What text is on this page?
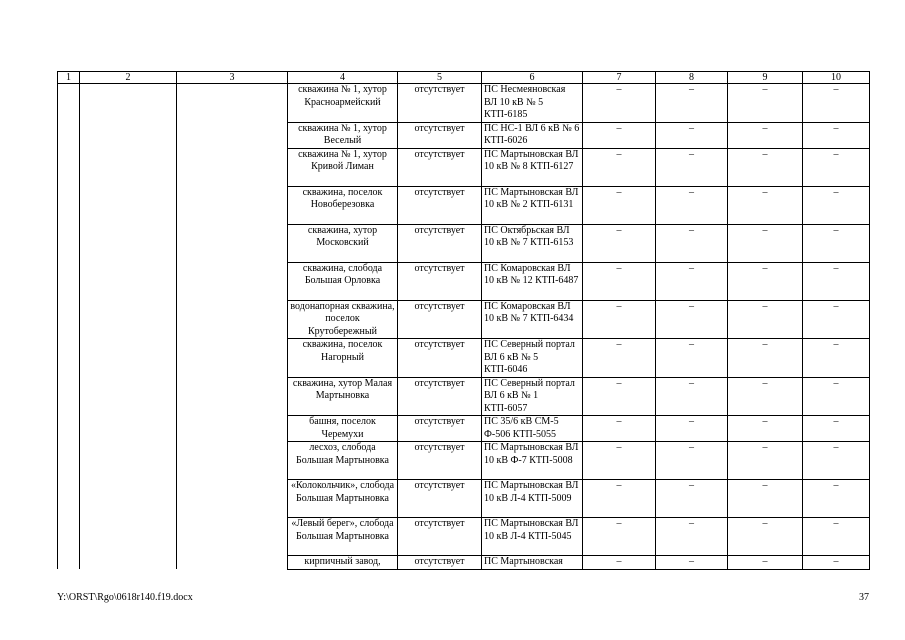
1	2	3	4	5	6	7	8	9	10
			скважина № 1, хутор Красноармейский	отсутствует	ПС Несмеяновская ВЛ 10 кВ № 5 КТП-6185	–	–	–	–
			скважина № 1, хутор Веселый	отсутствует	ПС НС-1 ВЛ 6 кВ № 6 КТП-6026	–	–	–	–
			скважина № 1, хутор Кривой Лиман	отсутствует	ПС Мартыновская ВЛ 10 кВ № 8 КТП-6127	–	–	–	–
			скважина, поселок Новоберезовка	отсутствует	ПС Мартыновская ВЛ 10 кВ № 2 КТП-6131	–	–	–	–
			скважина, хутор Московский	отсутствует	ПС Октябрьская ВЛ 10 кВ № 7 КТП-6153	–	–	–	–
			скважина, слобода Большая Орловка	отсутствует	ПС Комаровская ВЛ 10 кВ № 12 КТП-6487	–	–	–	–
			водонапорная скважина, поселок Крутобережный	отсутствует	ПС Комаровская ВЛ 10 кВ № 7 КТП-6434	–	–	–	–
			скважина, поселок Нагорный	отсутствует	ПС Северный портал ВЛ 6 кВ № 5 КТП-6046	–	–	–	–
			скважина, хутор Малая Мартыновка	отсутствует	ПС Северный портал ВЛ 6 кВ № 1 КТП-6057	–	–	–	–
			башня, поселок Черемухи	отсутствует	ПС 35/6 кВ СМ-5 Ф-506 КТП-5055	–	–	–	–
			лесхоз, слобода Большая Мартыновка	отсутствует	ПС Мартыновская ВЛ 10 кВ Ф-7 КТП-5008	–	–	–	–
			«Колокольчик», слобода Большая Мартыновка	отсутствует	ПС Мартыновская ВЛ 10 кВ Л-4 КТП-5009	–	–	–	–
			«Левый берег», слобода Большая Мартыновка	отсутствует	ПС Мартыновская ВЛ 10 кВ Л-4 КТП-5045	–	–	–	–
			кирпичный завод,	отсутствует	ПС Мартыновская	–	–	–	–
Y:\ORST\Rgo\0618r140.f19.docx	37
